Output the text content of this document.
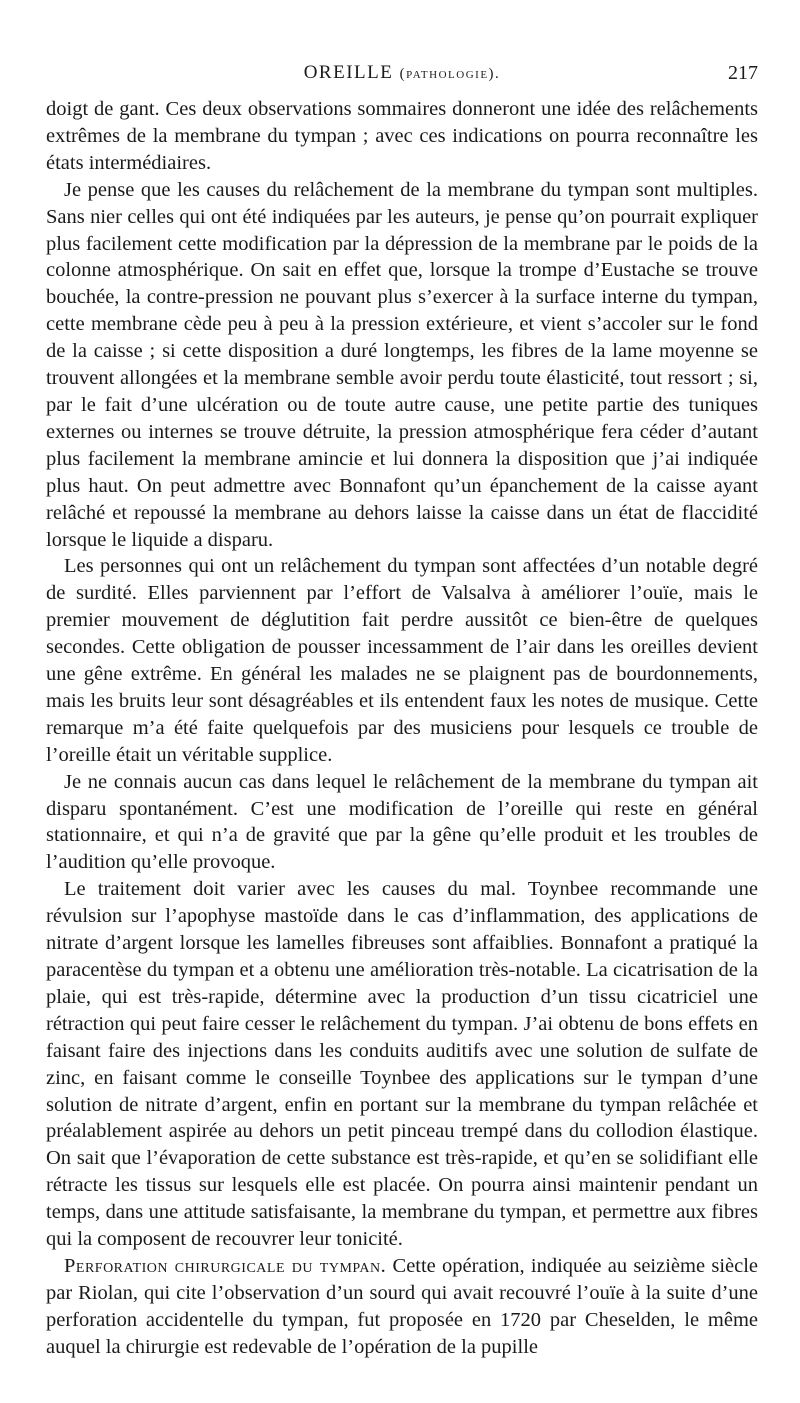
OREILLE (pathologie).	217

doigt de gant. Ces deux observations sommaires donneront une idée des relâchements extrêmes de la membrane du tympan ; avec ces indications on pourra reconnaître les états intermédiaires.

Je pense que les causes du relâchement de la membrane du tympan sont multiples. Sans nier celles qui ont été indiquées par les auteurs, je pense qu’on pourrait expliquer plus facilement cette modification par la dépression de la membrane par le poids de la colonne atmosphérique. On sait en effet que, lorsque la trompe d’Eustache se trouve bouchée, la contre-pression ne pouvant plus s’exercer à la surface interne du tympan, cette membrane cède peu à peu à la pression extérieure, et vient s’accoler sur le fond de la caisse ; si cette disposition a duré longtemps, les fibres de la lame moyenne se trouvent allongées et la membrane semble avoir perdu toute élasticité, tout ressort ; si, par le fait d’une ulcération ou de toute autre cause, une petite partie des tuniques externes ou internes se trouve détruite, la pression atmosphérique fera céder d’autant plus facilement la membrane amincie et lui donnera la disposition que j’ai indiquée plus haut. On peut admettre avec Bonnafont qu’un épanchement de la caisse ayant relâché et repoussé la membrane au dehors laisse la caisse dans un état de flaccidité lorsque le liquide a disparu.

Les personnes qui ont un relâchement du tympan sont affectées d’un notable degré de surdité. Elles parviennent par l’effort de Valsalva à améliorer l’ouïe, mais le premier mouvement de déglutition fait perdre aussitôt ce bien-être de quelques secondes. Cette obligation de pousser incessamment de l’air dans les oreilles devient une gêne extrême. En général les malades ne se plaignent pas de bourdonnements, mais les bruits leur sont désagréables et ils entendent faux les notes de musique. Cette remarque m’a été faite quelquefois par des musiciens pour lesquels ce trouble de l’oreille était un véritable supplice.

Je ne connais aucun cas dans lequel le relâchement de la membrane du tympan ait disparu spontanément. C’est une modification de l’oreille qui reste en général stationnaire, et qui n’a de gravité que par la gêne qu’elle produit et les troubles de l’audition qu’elle provoque.

Le traitement doit varier avec les causes du mal. Toynbee recommande une révulsion sur l’apophyse mastoïde dans le cas d’inflammation, des applications de nitrate d’argent lorsque les lamelles fibreuses sont affaiblies. Bonnafont a pratiqué la paracentèse du tympan et a obtenu une amélioration très-notable. La cicatrisation de la plaie, qui est très-rapide, détermine avec la production d’un tissu cicatriciel une rétraction qui peut faire cesser le relâchement du tympan. J’ai obtenu de bons effets en faisant faire des injections dans les conduits auditifs avec une solution de sulfate de zinc, en faisant comme le conseille Toynbee des applications sur le tympan d’une solution de nitrate d’argent, enfin en portant sur la membrane du tympan relâchée et préalablement aspirée au dehors un petit pinceau trempé dans du collodion élastique. On sait que l’évaporation de cette substance est très-rapide, et qu’en se solidifiant elle rétracte les tissus sur lesquels elle est placée. On pourra ainsi maintenir pendant un temps, dans une attitude satisfaisante, la membrane du tympan, et permettre aux fibres qui la composent de recouvrer leur tonicité.

Perforation chirurgicale du tympan. Cette opération, indiquée au seizième siècle par Riolan, qui cite l’observation d’un sourd qui avait recouvré l’ouïe à la suite d’une perforation accidentelle du tympan, fut proposée en 1720 par Cheselden, le même auquel la chirurgie est redevable de l’opération de la pupille
